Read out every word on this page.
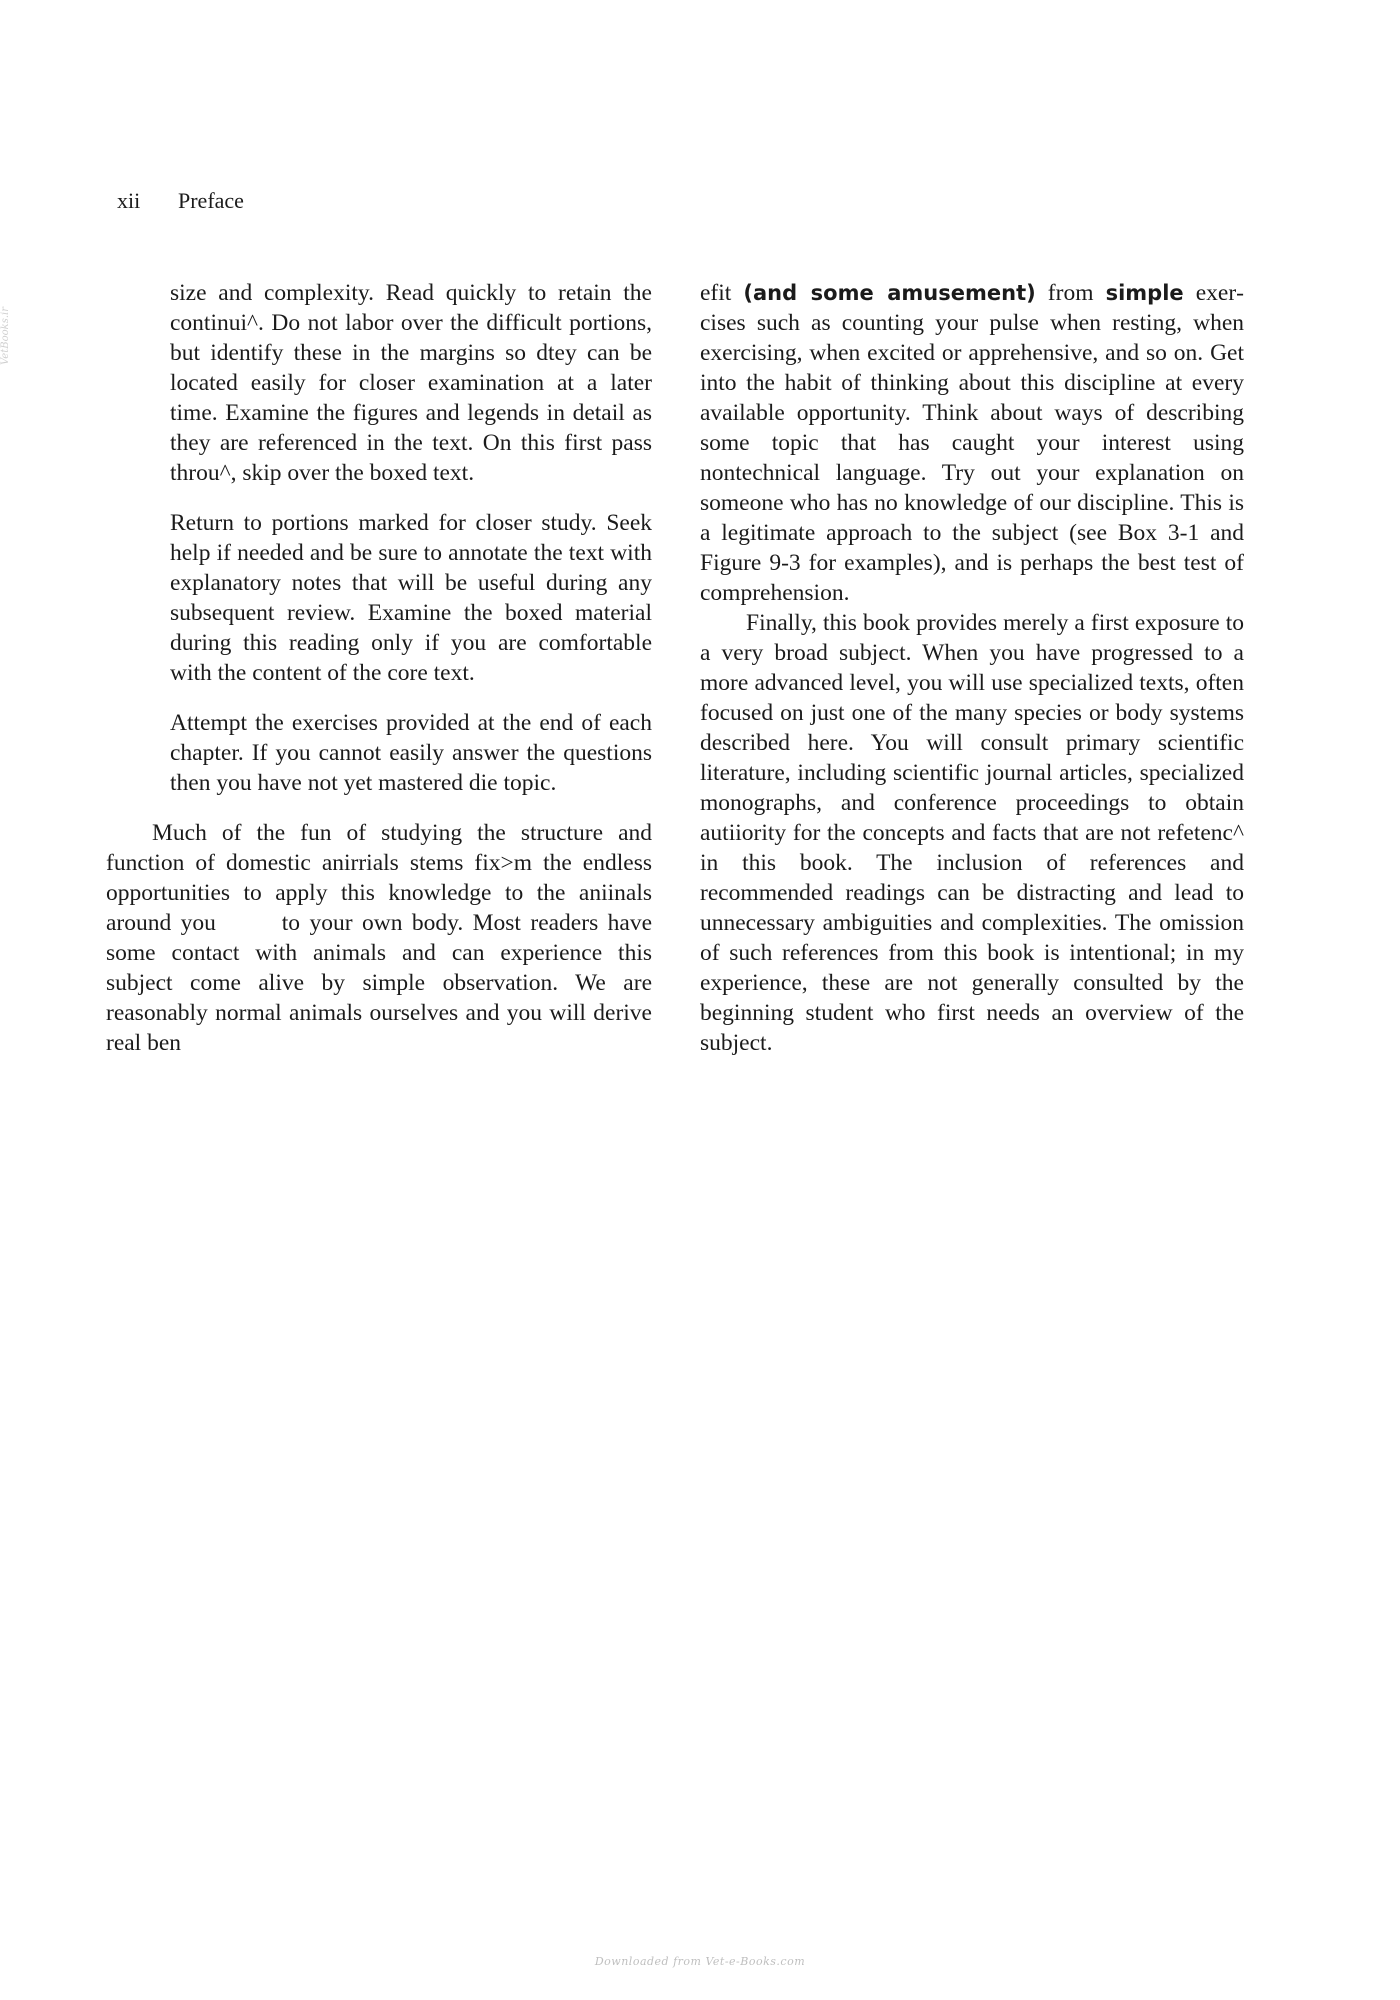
xii Preface
VetBooks.ir

size and complexity. Read quickly to retain the continui^. Do not labor over the difficult portions, but identify these in the margins so dtey can be located easily for closer examination at a later time. Examine the figures and legends in detail as they are referenced in the text. On this first pass throu^, skip over the boxed text.

Return to portions marked for closer study. Seek help if needed and be sure to annotate the text with explanatory notes that will be useful during any subsequent review. Examine the boxed material during this reading only if you are comfortable with the content of the core text.

Attempt the exercises provided at the end of each chapter. If you cannot easily answer the questions then you have not yet mastered die topic.

Much of the fun of studying the structure and function of domestic anirrials stems fix>m the endless opportunities to apply this knowledge to the aniinals around you    to your own body. Most readers have some contact with animals and can experience this subject come alive by simple observation. We are reasonably normal animals ourselves and you will derive real ben

efit (and some amusement) from simple exercises such as counting your pulse when resting, when exercising, when excited or apprehensive, and so on. Get into the habit of thinking about this discipline at every available opportunity. Think about ways of describing some topic that has caught your interest using nontechnical language. Try out your explanation on someone who has no knowledge of our discipline. This is a legitimate approach to the subject (see Box 3-1 and Figure 9-3 for examples), and is perhaps the best test of comprehension.

Finally, this book provides merely a first exposure to a very broad subject. When you have progressed to a more advanced level, you will use specialized texts, often focused on just one of the many species or body systems described here. You will consult primary scientific literature, including scientific journal articles, specialized monographs, and conference proceedings to obtain autiiority for the concepts and facts that are not refetenc^ in this book. The inclusion of references and recommended readings can be distracting and lead to unnecessary ambiguities and complexities. The omission of such references from this book is intentional; in my experience, these are not generally consulted by the beginning student who first needs an overview of the subject.

Downloaded from Vet-e-Books.com
